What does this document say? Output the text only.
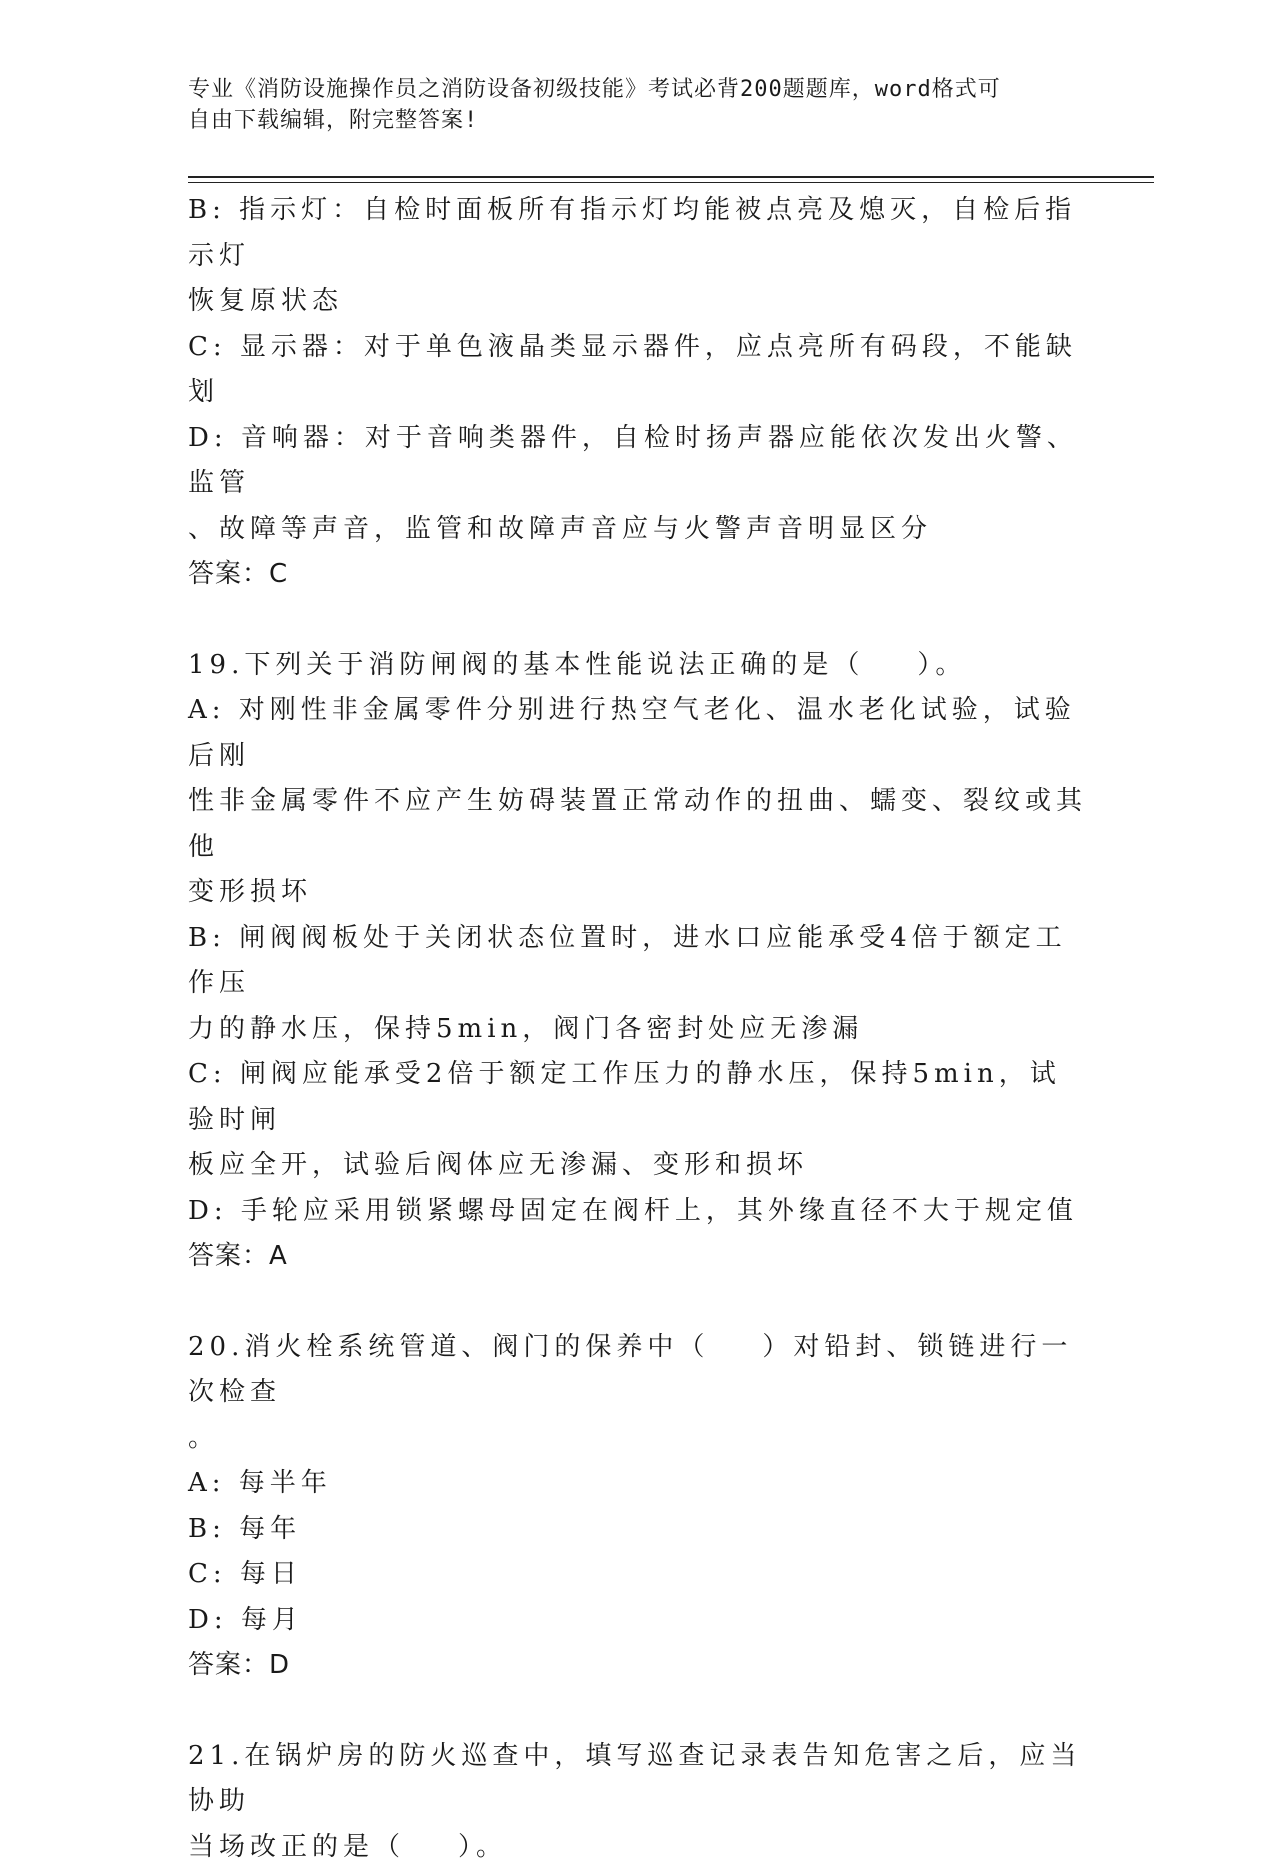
专业《消防设施操作员之消防设备初级技能》考试必背200题题库，word格式可
自由下载编辑，附完整答案!

B: 指示灯：自检时面板所有指示灯均能被点亮及熄灭，自检后指示灯

恢复原状态

C: 显示器：对于单色液晶类显示器件，应点亮所有码段，不能缺划

D: 音响器：对于音响类器件，自检时扬声器应能依次发出火警、监管

、故障等声音，监管和故障声音应与火警声音明显区分

答案：C

19.下列关于消防闸阀的基本性能说法正确的是（    ）。

A: 对刚性非金属零件分别进行热空气老化、温水老化试验，试验后刚

性非金属零件不应产生妨碍装置正常动作的扭曲、蠕变、裂纹或其他

变形损坏

B: 闸阀阀板处于关闭状态位置时，进水口应能承受4倍于额定工作压

力的静水压，保持5min，阀门各密封处应无渗漏

C: 闸阀应能承受2倍于额定工作压力的静水压，保持5min，试验时闸

板应全开，试验后阀体应无渗漏、变形和损坏

D: 手轮应采用锁紧螺母固定在阀杆上，其外缘直径不大于规定值

答案：A

20.消火栓系统管道、阀门的保养中（    ）对铅封、锁链进行一次检查

。

A: 每半年

B: 每年

C: 每日

D: 每月

答案：D

21.在锅炉房的防火巡查中，填写巡查记录表告知危害之后，应当协助

当场改正的是（    ）。
